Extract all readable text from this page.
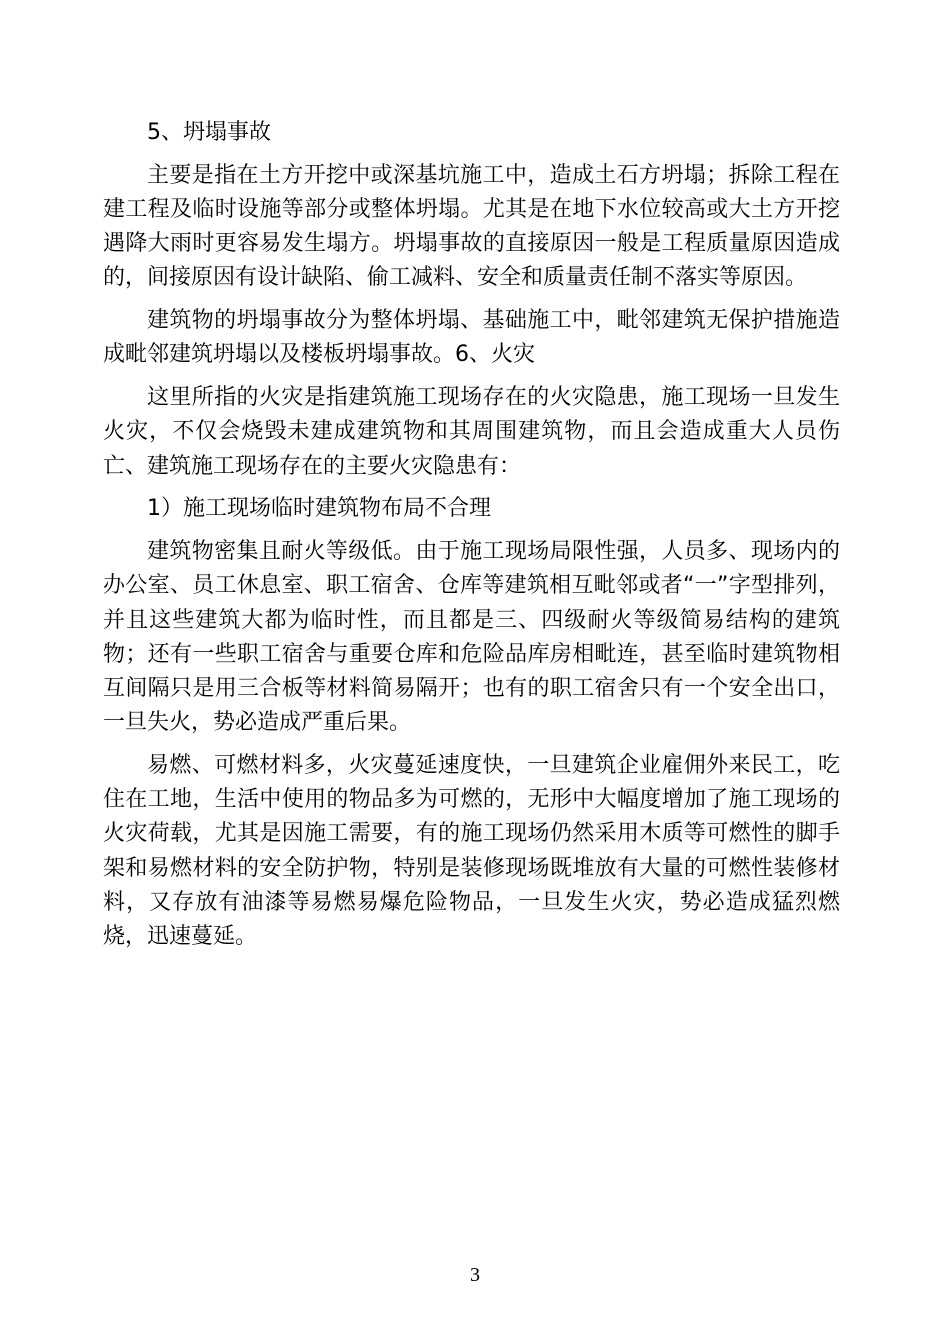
5、坍塌事故

主要是指在土方开挖中或深基坑施工中，造成土石方坍塌；拆除工程在建工程及临时设施等部分或整体坍塌。尤其是在地下水位较高或大土方开挖遇降大雨时更容易发生塌方。坍塌事故的直接原因一般是工程质量原因造成的，间接原因有设计缺陷、偷工减料、安全和质量责任制不落实等原因。

建筑物的坍塌事故分为整体坍塌、基础施工中，毗邻建筑无保护措施造成毗邻建筑坍塌以及楼板坍塌事故。6、火灾

这里所指的火灾是指建筑施工现场存在的火灾隐患，施工现场一旦发生火灾，不仅会烧毁未建成建筑物和其周围建筑物，而且会造成重大人员伤亡、建筑施工现场存在的主要火灾隐患有：

1）施工现场临时建筑物布局不合理

建筑物密集且耐火等级低。由于施工现场局限性强，人员多、现场内的办公室、员工休息室、职工宿舍、仓库等建筑相互毗邻或者“一”字型排列，并且这些建筑大都为临时性，而且都是三、四级耐火等级简易结构的建筑物；还有一些职工宿舍与重要仓库和危险品库房相毗连，甚至临时建筑物相互间隔只是用三合板等材料简易隔开；也有的职工宿舍只有一个安全出口，一旦失火，势必造成严重后果。

易燃、可燃材料多，火灾蔓延速度快，一旦建筑企业雇佣外来民工，吃住在工地，生活中使用的物品多为可燃的，无形中大幅度增加了施工现场的火灾荷载，尤其是因施工需要，有的施工现场仍然采用木质等可燃性的脚手架和易燃材料的安全防护物，特别是装修现场既堆放有大量的可燃性装修材料，又存放有油漆等易燃易爆危险物品，一旦发生火灾，势必造成猛烈燃烧，迅速蔓延。

3
